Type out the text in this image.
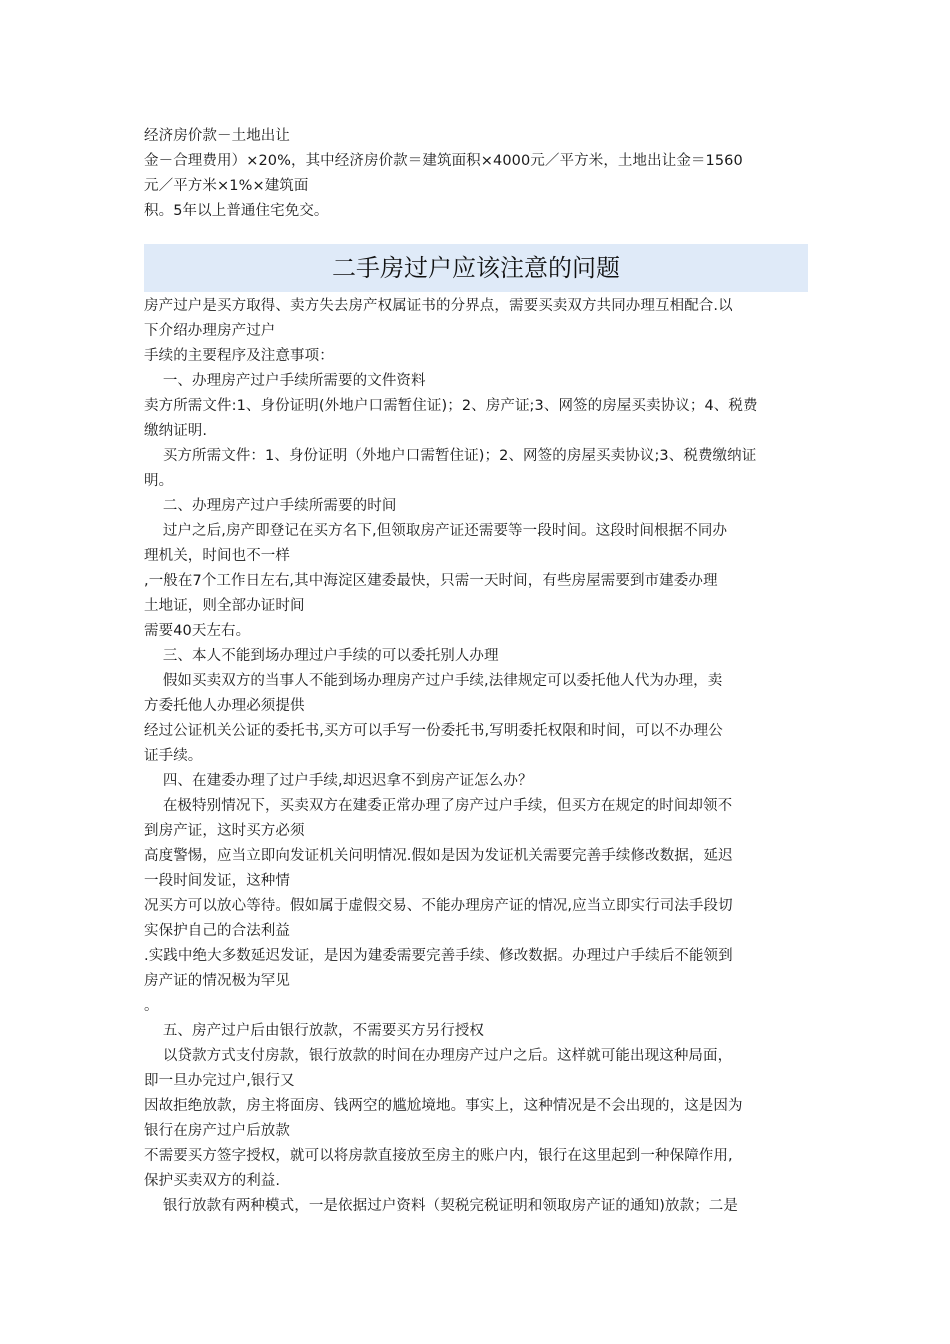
经济房价款－土地出让
金－合理费用）×20%，其中经济房价款＝建筑面积×4000元／平方米，土地出让金＝1560
元／平方米×1%×建筑面
积。5年以上普通住宅免交。
二手房过户应该注意的问题
房产过户是买方取得、卖方失去房产权属证书的分界点，需要买卖双方共同办理互相配合.以
下介绍办理房产过户
手续的主要程序及注意事项：
一、办理房产过户手续所需要的文件资料
卖方所需文件:1、身份证明(外地户口需暂住证)；2、房产证;3、网签的房屋买卖协议；4、税费
缴纳证明.
买方所需文件：1、身份证明（外地户口需暂住证)；2、网签的房屋买卖协议;3、税费缴纳证
明。
二、办理房产过户手续所需要的时间
过户之后,房产即登记在买方名下,但领取房产证还需要等一段时间。这段时间根据不同办
理机关，时间也不一样
,一般在7个工作日左右,其中海淀区建委最快，只需一天时间，有些房屋需要到市建委办理
土地证，则全部办证时间
需要40天左右。
三、本人不能到场办理过户手续的可以委托别人办理
假如买卖双方的当事人不能到场办理房产过户手续,法律规定可以委托他人代为办理，卖
方委托他人办理必须提供
经过公证机关公证的委托书,买方可以手写一份委托书,写明委托权限和时间，可以不办理公
证手续。
四、在建委办理了过户手续,却迟迟拿不到房产证怎么办？
在极特别情况下，买卖双方在建委正常办理了房产过户手续，但买方在规定的时间却领不
到房产证，这时买方必须
高度警惕，应当立即向发证机关问明情况.假如是因为发证机关需要完善手续修改数据，延迟
一段时间发证，这种情
况买方可以放心等待。假如属于虚假交易、不能办理房产证的情况,应当立即实行司法手段切
实保护自己的合法利益
.实践中绝大多数延迟发证，是因为建委需要完善手续、修改数据。办理过户手续后不能领到
房产证的情况极为罕见
。
五、房产过户后由银行放款，不需要买方另行授权
以贷款方式支付房款，银行放款的时间在办理房产过户之后。这样就可能出现这种局面，
即一旦办完过户,银行又
因故拒绝放款，房主将面房、钱两空的尴尬境地。事实上，这种情况是不会出现的，这是因为
银行在房产过户后放款
不需要买方签字授权，就可以将房款直接放至房主的账户内，银行在这里起到一种保障作用,
保护买卖双方的利益.
银行放款有两种模式，一是依据过户资料（契税完税证明和领取房产证的通知)放款；二是
